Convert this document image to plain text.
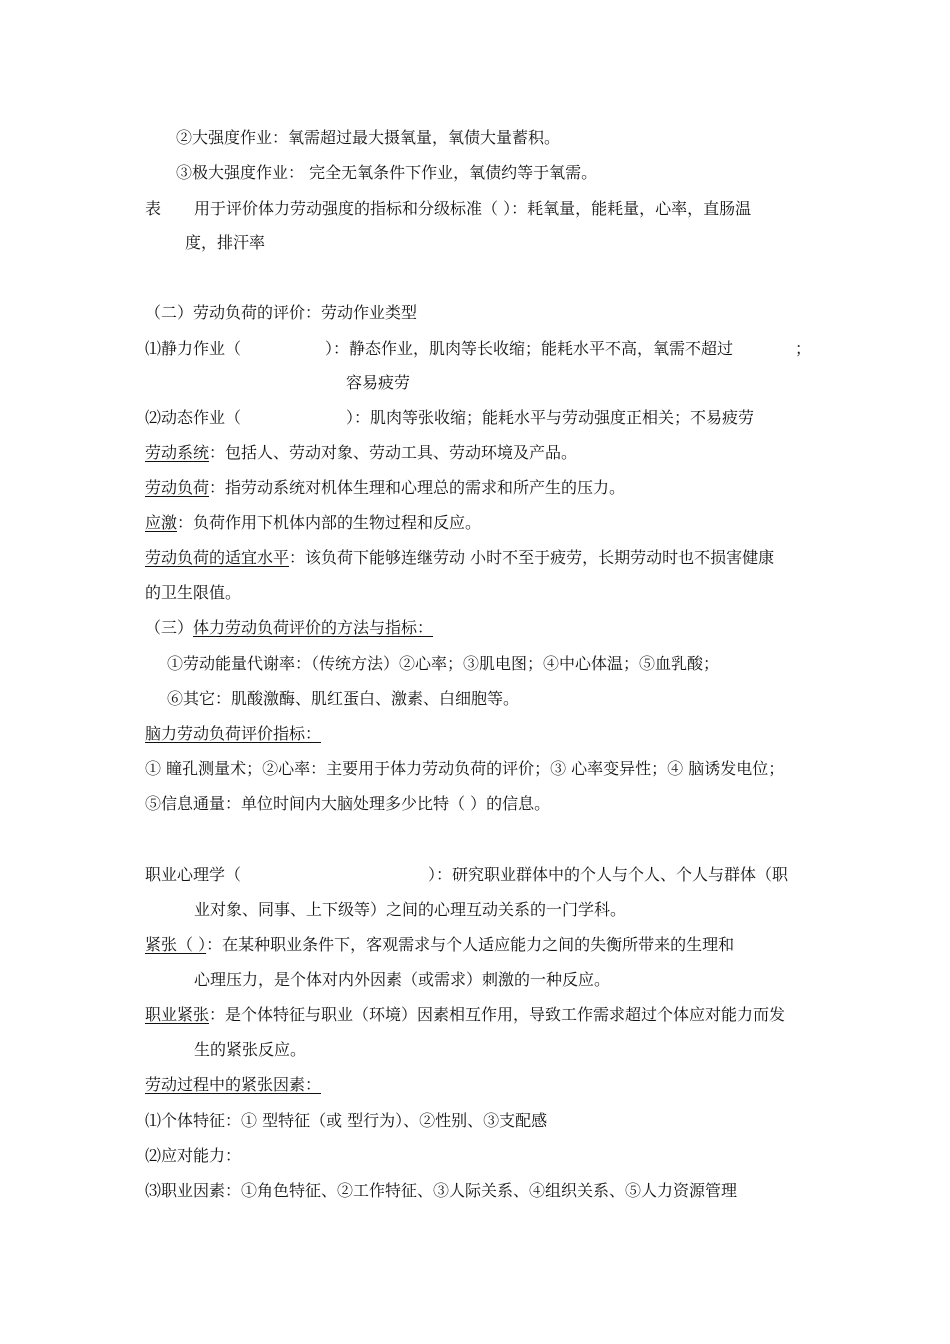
②大强度作业：氧需超过最大摄氧量，氧债大量蓄积。
③极大强度作业： 完全无氧条件下作业，氧债约等于氧需。
表 用于评价体力劳动强度的指标和分级标准（ ）：耗氧量，能耗量，心率，直肠温
度，排汗率
（二）劳动负荷的评价：劳动作业类型
⑴静力作业（	）：静态作业，肌肉等长收缩；能耗水平不高，氧需不超过	；
容易疲劳
⑵动态作业（	）：肌肉等张收缩；能耗水平与劳动强度正相关；不易疲劳
劳动系统：包括人、劳动对象、劳动工具、劳动环境及产品。
劳动负荷：指劳动系统对机体生理和心理总的需求和所产生的压力。
应激：负荷作用下机体内部的生物过程和反应。
劳动负荷的适宜水平：该负荷下能够连继劳动 小时不至于疲劳，长期劳动时也不损害健康
的卫生限值。
（三）体力劳动负荷评价的方法与指标：
①劳动能量代谢率：（传统方法）②心率；③肌电图；④中心体温；⑤血乳酸；
⑥其它：肌酸激酶、肌红蛋白、激素、白细胞等。
脑力劳动负荷评价指标：
① 瞳孔测量术；②心率：主要用于体力劳动负荷的评价；③ 心率变异性；④ 脑诱发电位；
⑤信息通量：单位时间内大脑处理多少比特（ ）的信息。
职业心理学（	）：研究职业群体中的个人与个人、个人与群体（职
业对象、同事、上下级等）之间的心理互动关系的一门学科。
紧张（ ）：在某种职业条件下，客观需求与个人适应能力之间的失衡所带来的生理和
心理压力，是个体对内外因素（或需求）刺激的一种反应。
职业紧张：是个体特征与职业（环境）因素相互作用，导致工作需求超过个体应对能力而发
生的紧张反应。
劳动过程中的紧张因素：
⑴个体特征：① 型特征（或 型行为）、②性别、③支配感
⑵应对能力：
⑶职业因素：①角色特征、②工作特征、③人际关系、④组织关系、⑤人力资源管理
